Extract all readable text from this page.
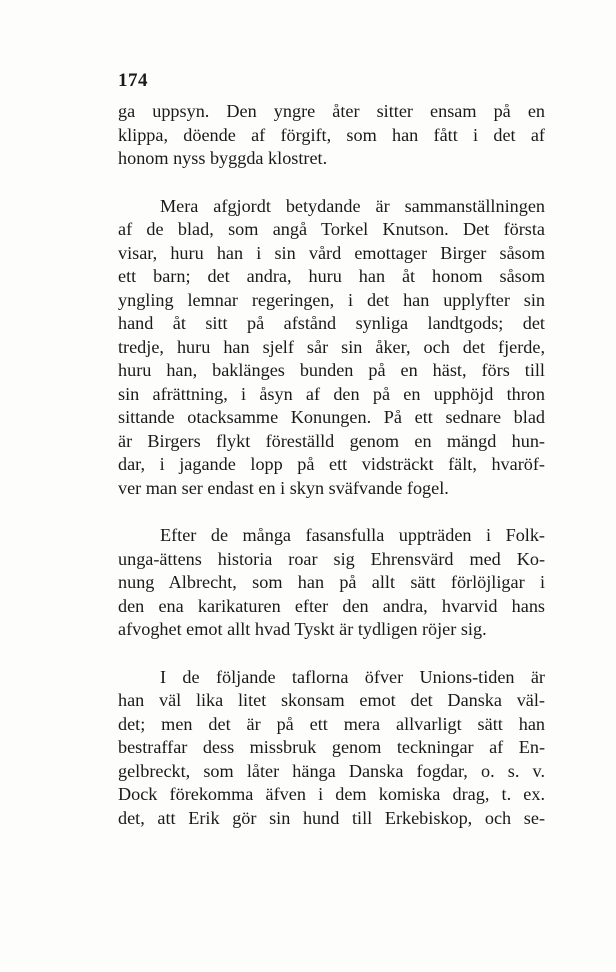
174
ga uppsyn. Den yngre åter sitter ensam på en
klippa, döende af förgift, som han fått i det af
honom nyss byggda klostret.
Mera afgjordt betydande är sammanställningen
af de blad, som angå Torkel Knutson. Det första
visar, huru han i sin vård emottager Birger såsom
ett barn; det andra, huru han åt honom såsom
yngling lemnar regeringen, i det han upplyfter sin
hand åt sitt på afstånd synliga landtgods; det
tredje, huru han sjelf sår sin åker, och det fjerde,
huru han, baklänges bunden på en häst, förs till
sin afrättning, i åsyn af den på en upphöjd thron
sittande otacksamme Konungen. På ett sednare blad
är Birgers flykt föreställd genom en mängd hun-
dar, i jagande lopp på ett vidsträckt fält, hvaröf-
ver man ser endast en i skyn sväfvande fogel.
Efter de många fasansfulla uppträden i Folk-
unga-ättens historia roar sig Ehrensvärd med Ko-
nung Albrecht, som han på allt sätt förlöjligar i
den ena karikaturen efter den andra, hvarvid hans
afvoghet emot allt hvad Tyskt är tydligen röjer sig.
I de följande taflorna öfver Unions-tiden är
han väl lika litet skonsam emot det Danska väl-
det; men det är på ett mera allvarligt sätt han
bestraffar dess missbruk genom teckningar af En-
gelbreckt, som låter hänga Danska fogdar, o. s. v.
Dock förekomma äfven i dem komiska drag, t. ex.
det, att Erik gör sin hund till Erkebiskop, och se-
